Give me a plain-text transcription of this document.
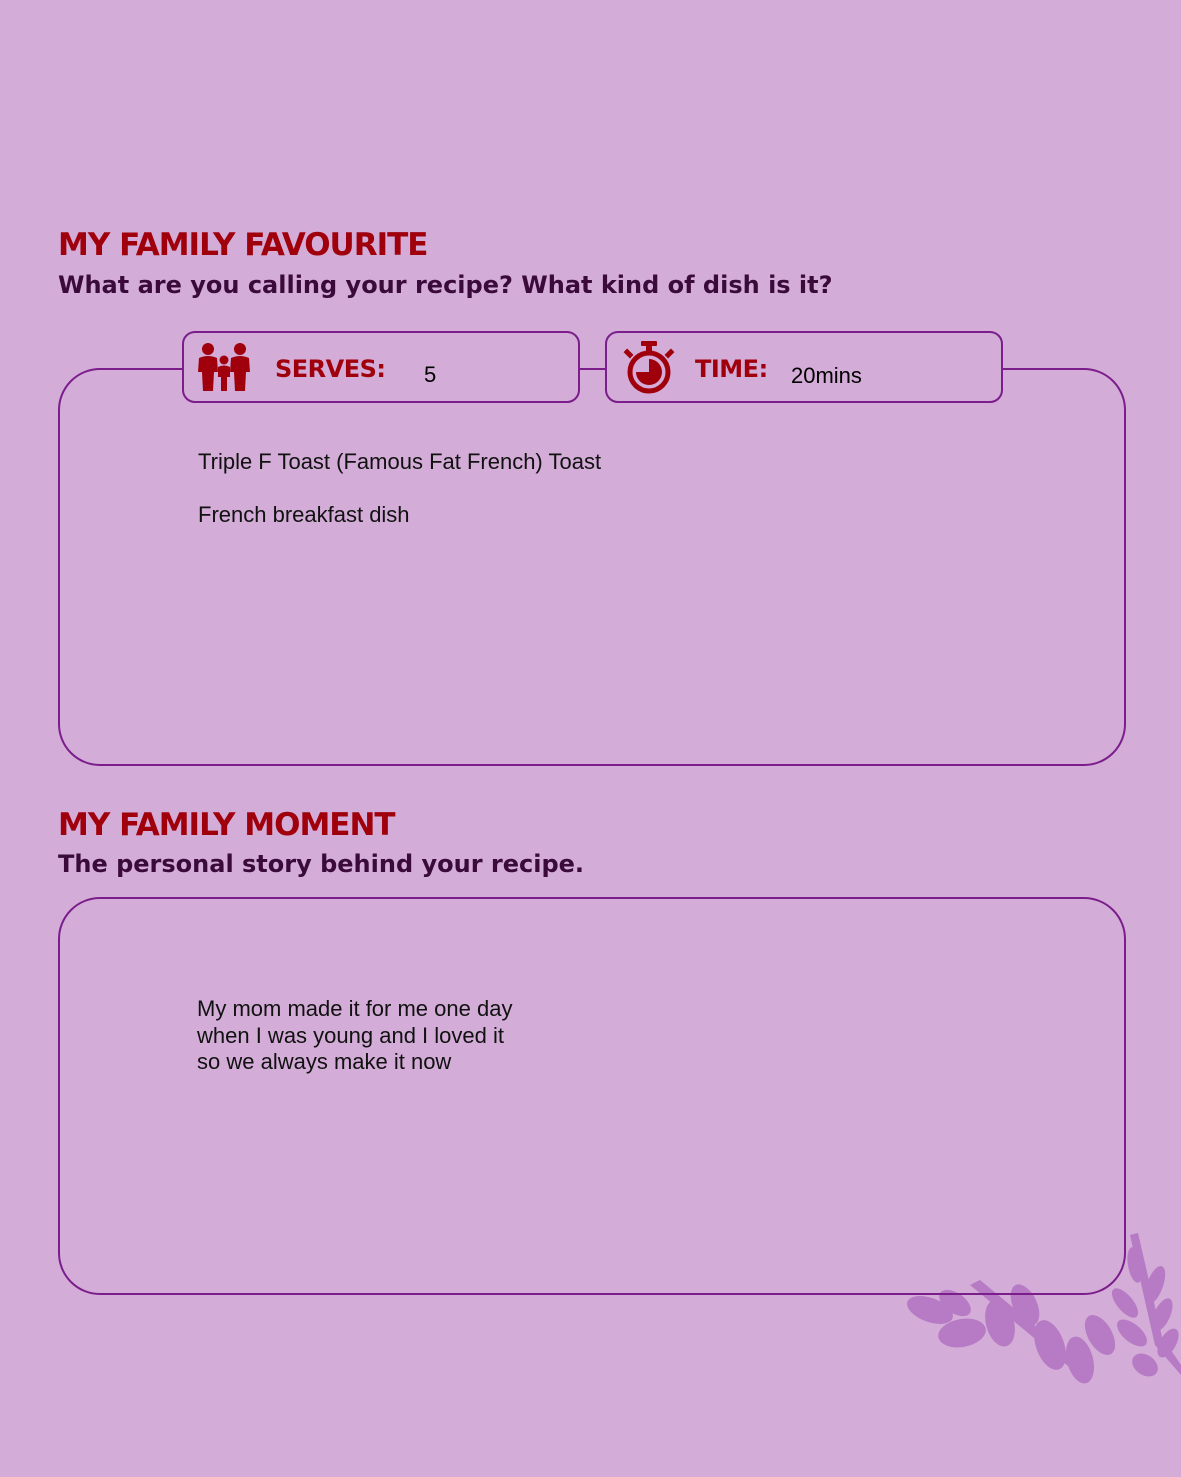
MY FAMILY FAVOURITE
What are you calling your recipe? What kind of dish is it?
SERVES: 5	TIME: 20mins

Triple F Toast (Famous Fat French) Toast

French breakfast dish

MY FAMILY MOMENT
The personal story behind your recipe.
My mom made it for me one day
when I was young and I loved it
so we always make it now
